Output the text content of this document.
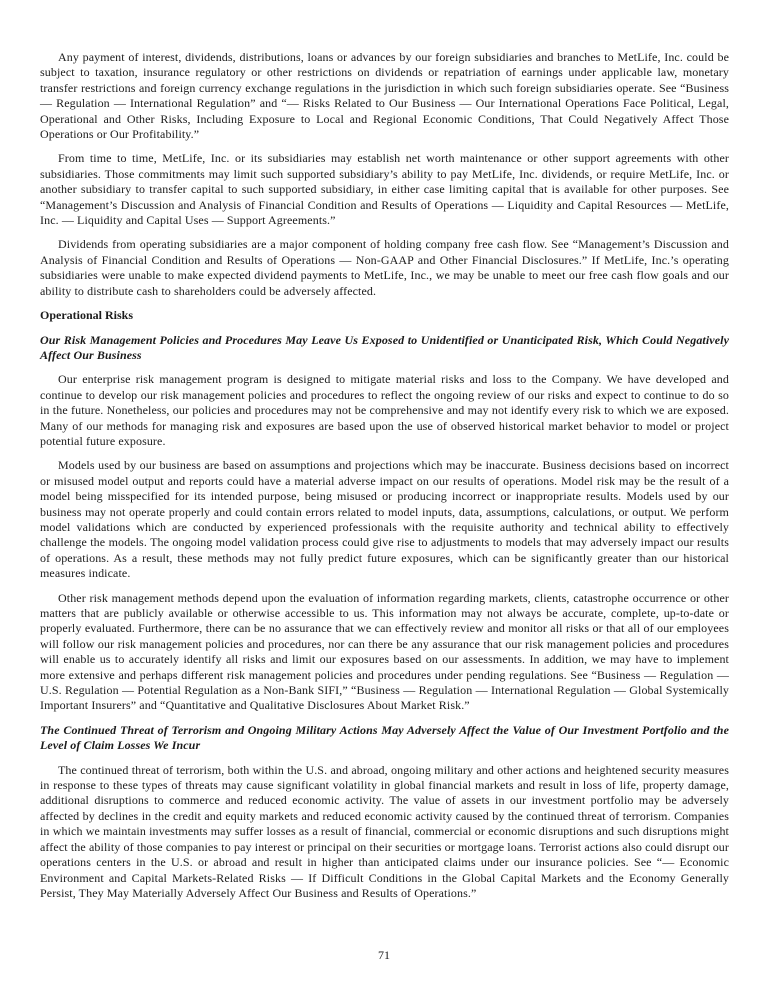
Any payment of interest, dividends, distributions, loans or advances by our foreign subsidiaries and branches to MetLife, Inc. could be subject to taxation, insurance regulatory or other restrictions on dividends or repatriation of earnings under applicable law, monetary transfer restrictions and foreign currency exchange regulations in the jurisdiction in which such foreign subsidiaries operate. See “Business — Regulation — International Regulation” and “— Risks Related to Our Business — Our International Operations Face Political, Legal, Operational and Other Risks, Including Exposure to Local and Regional Economic Conditions, That Could Negatively Affect Those Operations or Our Profitability.”

From time to time, MetLife, Inc. or its subsidiaries may establish net worth maintenance or other support agreements with other subsidiaries. Those commitments may limit such supported subsidiary’s ability to pay MetLife, Inc. dividends, or require MetLife, Inc. or another subsidiary to transfer capital to such supported subsidiary, in either case limiting capital that is available for other purposes. See “Management’s Discussion and Analysis of Financial Condition and Results of Operations — Liquidity and Capital Resources — MetLife, Inc. — Liquidity and Capital Uses — Support Agreements.”

Dividends from operating subsidiaries are a major component of holding company free cash flow. See “Management’s Discussion and Analysis of Financial Condition and Results of Operations — Non-GAAP and Other Financial Disclosures.” If MetLife, Inc.’s operating subsidiaries were unable to make expected dividend payments to MetLife, Inc., we may be unable to meet our free cash flow goals and our ability to distribute cash to shareholders could be adversely affected.

Operational Risks
Our Risk Management Policies and Procedures May Leave Us Exposed to Unidentified or Unanticipated Risk, Which Could Negatively Affect Our Business

Our enterprise risk management program is designed to mitigate material risks and loss to the Company. We have developed and continue to develop our risk management policies and procedures to reflect the ongoing review of our risks and expect to continue to do so in the future. Nonetheless, our policies and procedures may not be comprehensive and may not identify every risk to which we are exposed. Many of our methods for managing risk and exposures are based upon the use of observed historical market behavior to model or project potential future exposure.

Models used by our business are based on assumptions and projections which may be inaccurate. Business decisions based on incorrect or misused model output and reports could have a material adverse impact on our results of operations. Model risk may be the result of a model being misspecified for its intended purpose, being misused or producing incorrect or inappropriate results. Models used by our business may not operate properly and could contain errors related to model inputs, data, assumptions, calculations, or output. We perform model validations which are conducted by experienced professionals with the requisite authority and technical ability to effectively challenge the models. The ongoing model validation process could give rise to adjustments to models that may adversely impact our results of operations. As a result, these methods may not fully predict future exposures, which can be significantly greater than our historical measures indicate.

Other risk management methods depend upon the evaluation of information regarding markets, clients, catastrophe occurrence or other matters that are publicly available or otherwise accessible to us. This information may not always be accurate, complete, up-to-date or properly evaluated. Furthermore, there can be no assurance that we can effectively review and monitor all risks or that all of our employees will follow our risk management policies and procedures, nor can there be any assurance that our risk management policies and procedures will enable us to accurately identify all risks and limit our exposures based on our assessments. In addition, we may have to implement more extensive and perhaps different risk management policies and procedures under pending regulations. See “Business — Regulation — U.S. Regulation — Potential Regulation as a Non-Bank SIFI,” “Business — Regulation — International Regulation — Global Systemically Important Insurers” and “Quantitative and Qualitative Disclosures About Market Risk.”

The Continued Threat of Terrorism and Ongoing Military Actions May Adversely Affect the Value of Our Investment Portfolio and the Level of Claim Losses We Incur

The continued threat of terrorism, both within the U.S. and abroad, ongoing military and other actions and heightened security measures in response to these types of threats may cause significant volatility in global financial markets and result in loss of life, property damage, additional disruptions to commerce and reduced economic activity. The value of assets in our investment portfolio may be adversely affected by declines in the credit and equity markets and reduced economic activity caused by the continued threat of terrorism. Companies in which we maintain investments may suffer losses as a result of financial, commercial or economic disruptions and such disruptions might affect the ability of those companies to pay interest or principal on their securities or mortgage loans. Terrorist actions also could disrupt our operations centers in the U.S. or abroad and result in higher than anticipated claims under our insurance policies. See “— Economic Environment and Capital Markets-Related Risks — If Difficult Conditions in the Global Capital Markets and the Economy Generally Persist, They May Materially Adversely Affect Our Business and Results of Operations.”

71
